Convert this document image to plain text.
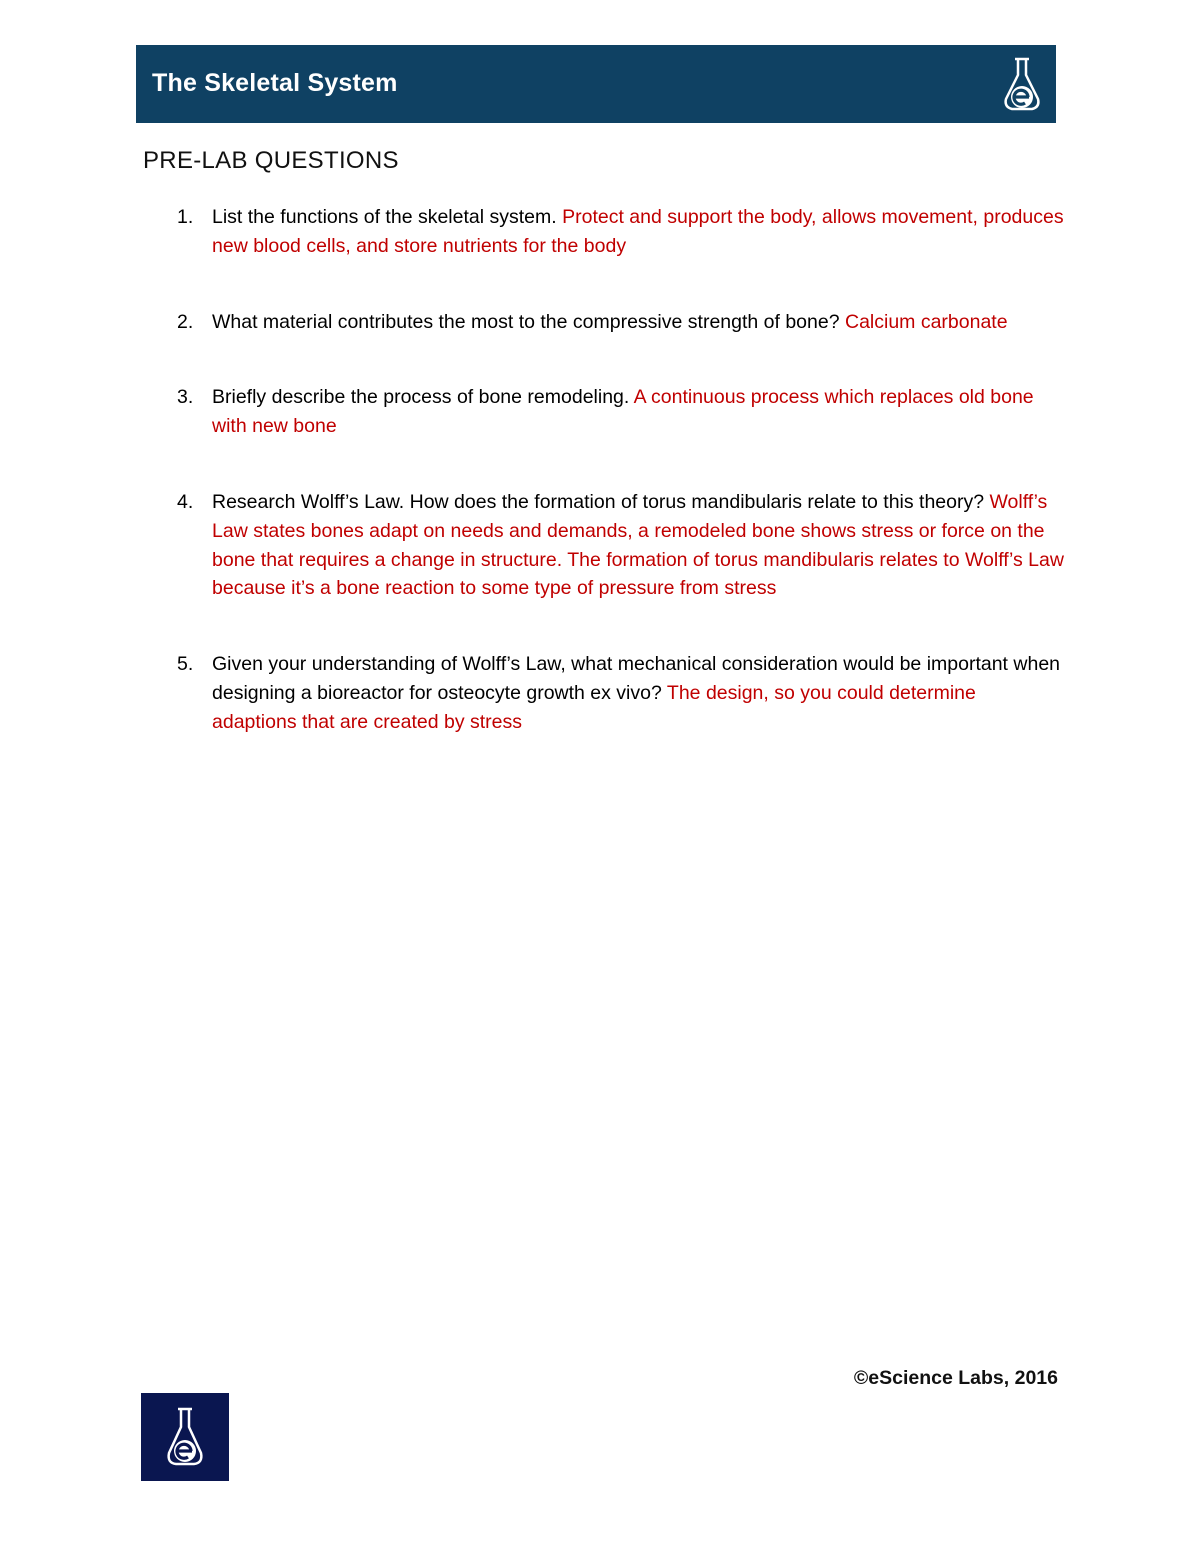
The Skeletal System
PRE-LAB QUESTIONS
1. List the functions of the skeletal system. Protect and support the body, allows movement, produces new blood cells, and store nutrients for the body
2. What material contributes the most to the compressive strength of bone? Calcium carbonate
3. Briefly describe the process of bone remodeling. A continuous process which replaces old bone with new bone
4. Research Wolff’s Law. How does the formation of torus mandibularis relate to this theory? Wolff’s Law states bones adapt on needs and demands, a remodeled bone shows stress or force on the bone that requires a change in structure. The formation of torus mandibularis relates to Wolff’s Law because it’s a bone reaction to some type of pressure from stress
5. Given your understanding of Wolff’s Law, what mechanical consideration would be important when designing a bioreactor for osteocyte growth ex vivo? The design, so you could determine adaptions that are created by stress
©eScience Labs, 2016
